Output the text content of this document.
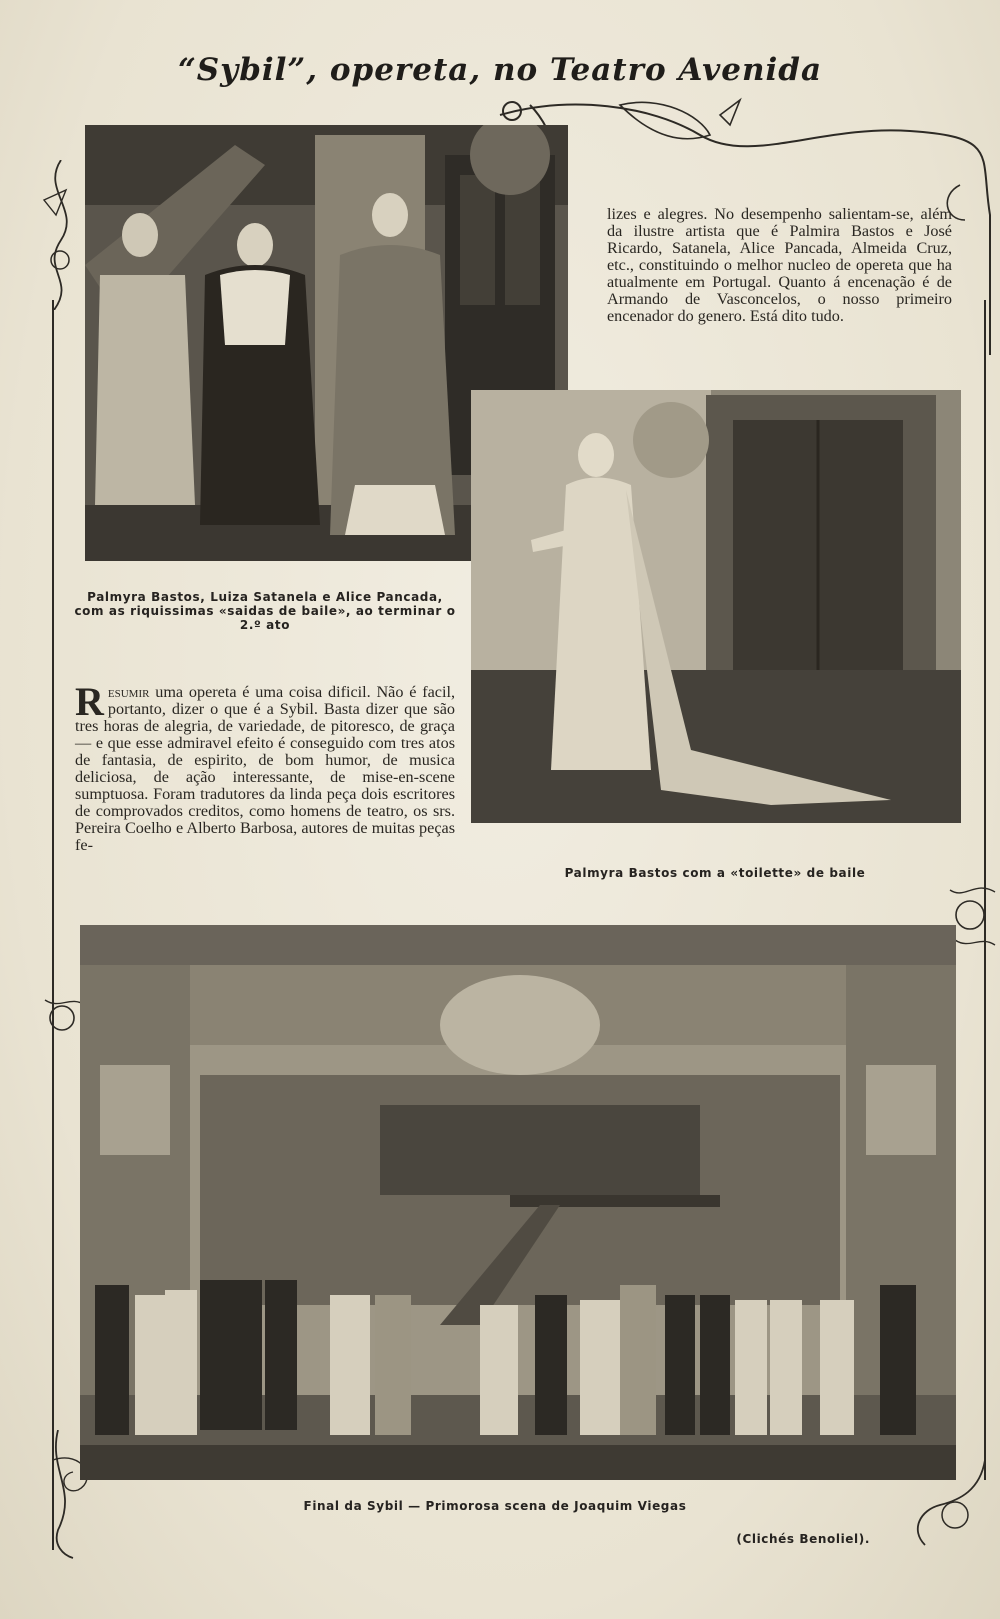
“Sybil”, opereta, no Teatro Avenida
lizes e alegres. No desempenho salientam-se, além da ilustre artista que é Palmira Bastos e José Ricardo, Satanela, Alice Pancada, Almeida Cruz, etc., constituindo o melhor nucleo de opereta que ha atualmente em Portugal. Quanto á encenação é de Armando de Vasconcelos, o nosso primeiro encenador do genero. Está dito tudo.
Palmyra Bastos, Luiza Satanela e Alice Pancada, com as riquissimas «saidas de baile», ao terminar o 2.º ato
Resumir uma opereta é uma coisa dificil. Não é facil, portanto, dizer o que é a Sybil. Basta dizer que são tres horas de alegria, de variedade, de pitoresco, de graça — e que esse admiravel efeito é conseguido com tres atos de fantasia, de espirito, de bom humor, de musica deliciosa, de ação interessante, de mise-en-scene sumptuosa. Foram tradutores da linda peça dois escritores de comprovados creditos, como homens de teatro, os srs. Pereira Coelho e Alberto Barbosa, autores de muitas peças fe-
Palmyra Bastos com a «toilette» de baile
Final da Sybil — Primorosa scena de Joaquim Viegas
(Clichés Benoliel).
